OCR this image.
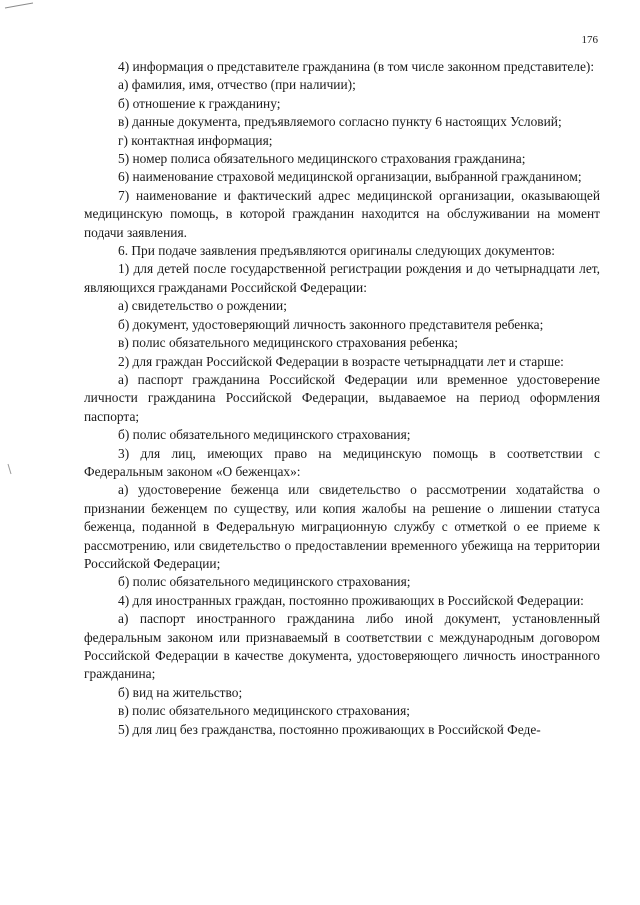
176

4) информация о представителе гражданина (в том числе законном представителе):

а) фамилия, имя, отчество (при наличии);

б) отношение к гражданину;

в) данные документа, предъявляемого согласно пункту 6 настоящих Условий;

г) контактная информация;

5) номер полиса обязательного медицинского страхования гражданина;

6) наименование страховой медицинской организации, выбранной гражданином;

7) наименование и фактический адрес медицинской организации, оказывающей медицинскую помощь, в которой гражданин находится на обслуживании на момент подачи заявления.

6. При подаче заявления предъявляются оригиналы следующих документов:

1) для детей после государственной регистрации рождения и до четырнадцати лет, являющихся гражданами Российской Федерации:

а) свидетельство о рождении;

б) документ, удостоверяющий личность законного представителя ребенка;

в) полис обязательного медицинского страхования ребенка;

2) для граждан Российской Федерации в возрасте четырнадцати лет и старше:

а) паспорт гражданина Российской Федерации или временное удостоверение личности гражданина Российской Федерации, выдаваемое на период оформления паспорта;

б) полис обязательного медицинского страхования;

3) для лиц, имеющих право на медицинскую помощь в соответствии с Федеральным законом «О беженцах»:

а) удостоверение беженца или свидетельство о рассмотрении ходатайства о признании беженцем по существу, или копия жалобы на решение о лишении статуса беженца, поданной в Федеральную миграционную службу с отметкой о ее приеме к рассмотрению, или свидетельство о предоставлении временного убежища на территории Российской Федерации;

б) полис обязательного медицинского страхования;

4) для иностранных граждан, постоянно проживающих в Российской Федерации:

а) паспорт иностранного гражданина либо иной документ, установленный федеральным законом или признаваемый в соответствии с международным договором Российской Федерации в качестве документа, удостоверяющего личность иностранного гражданина;

б) вид на жительство;

в) полис обязательного медицинского страхования;

5) для лиц без гражданства, постоянно проживающих в Российской Феде-
